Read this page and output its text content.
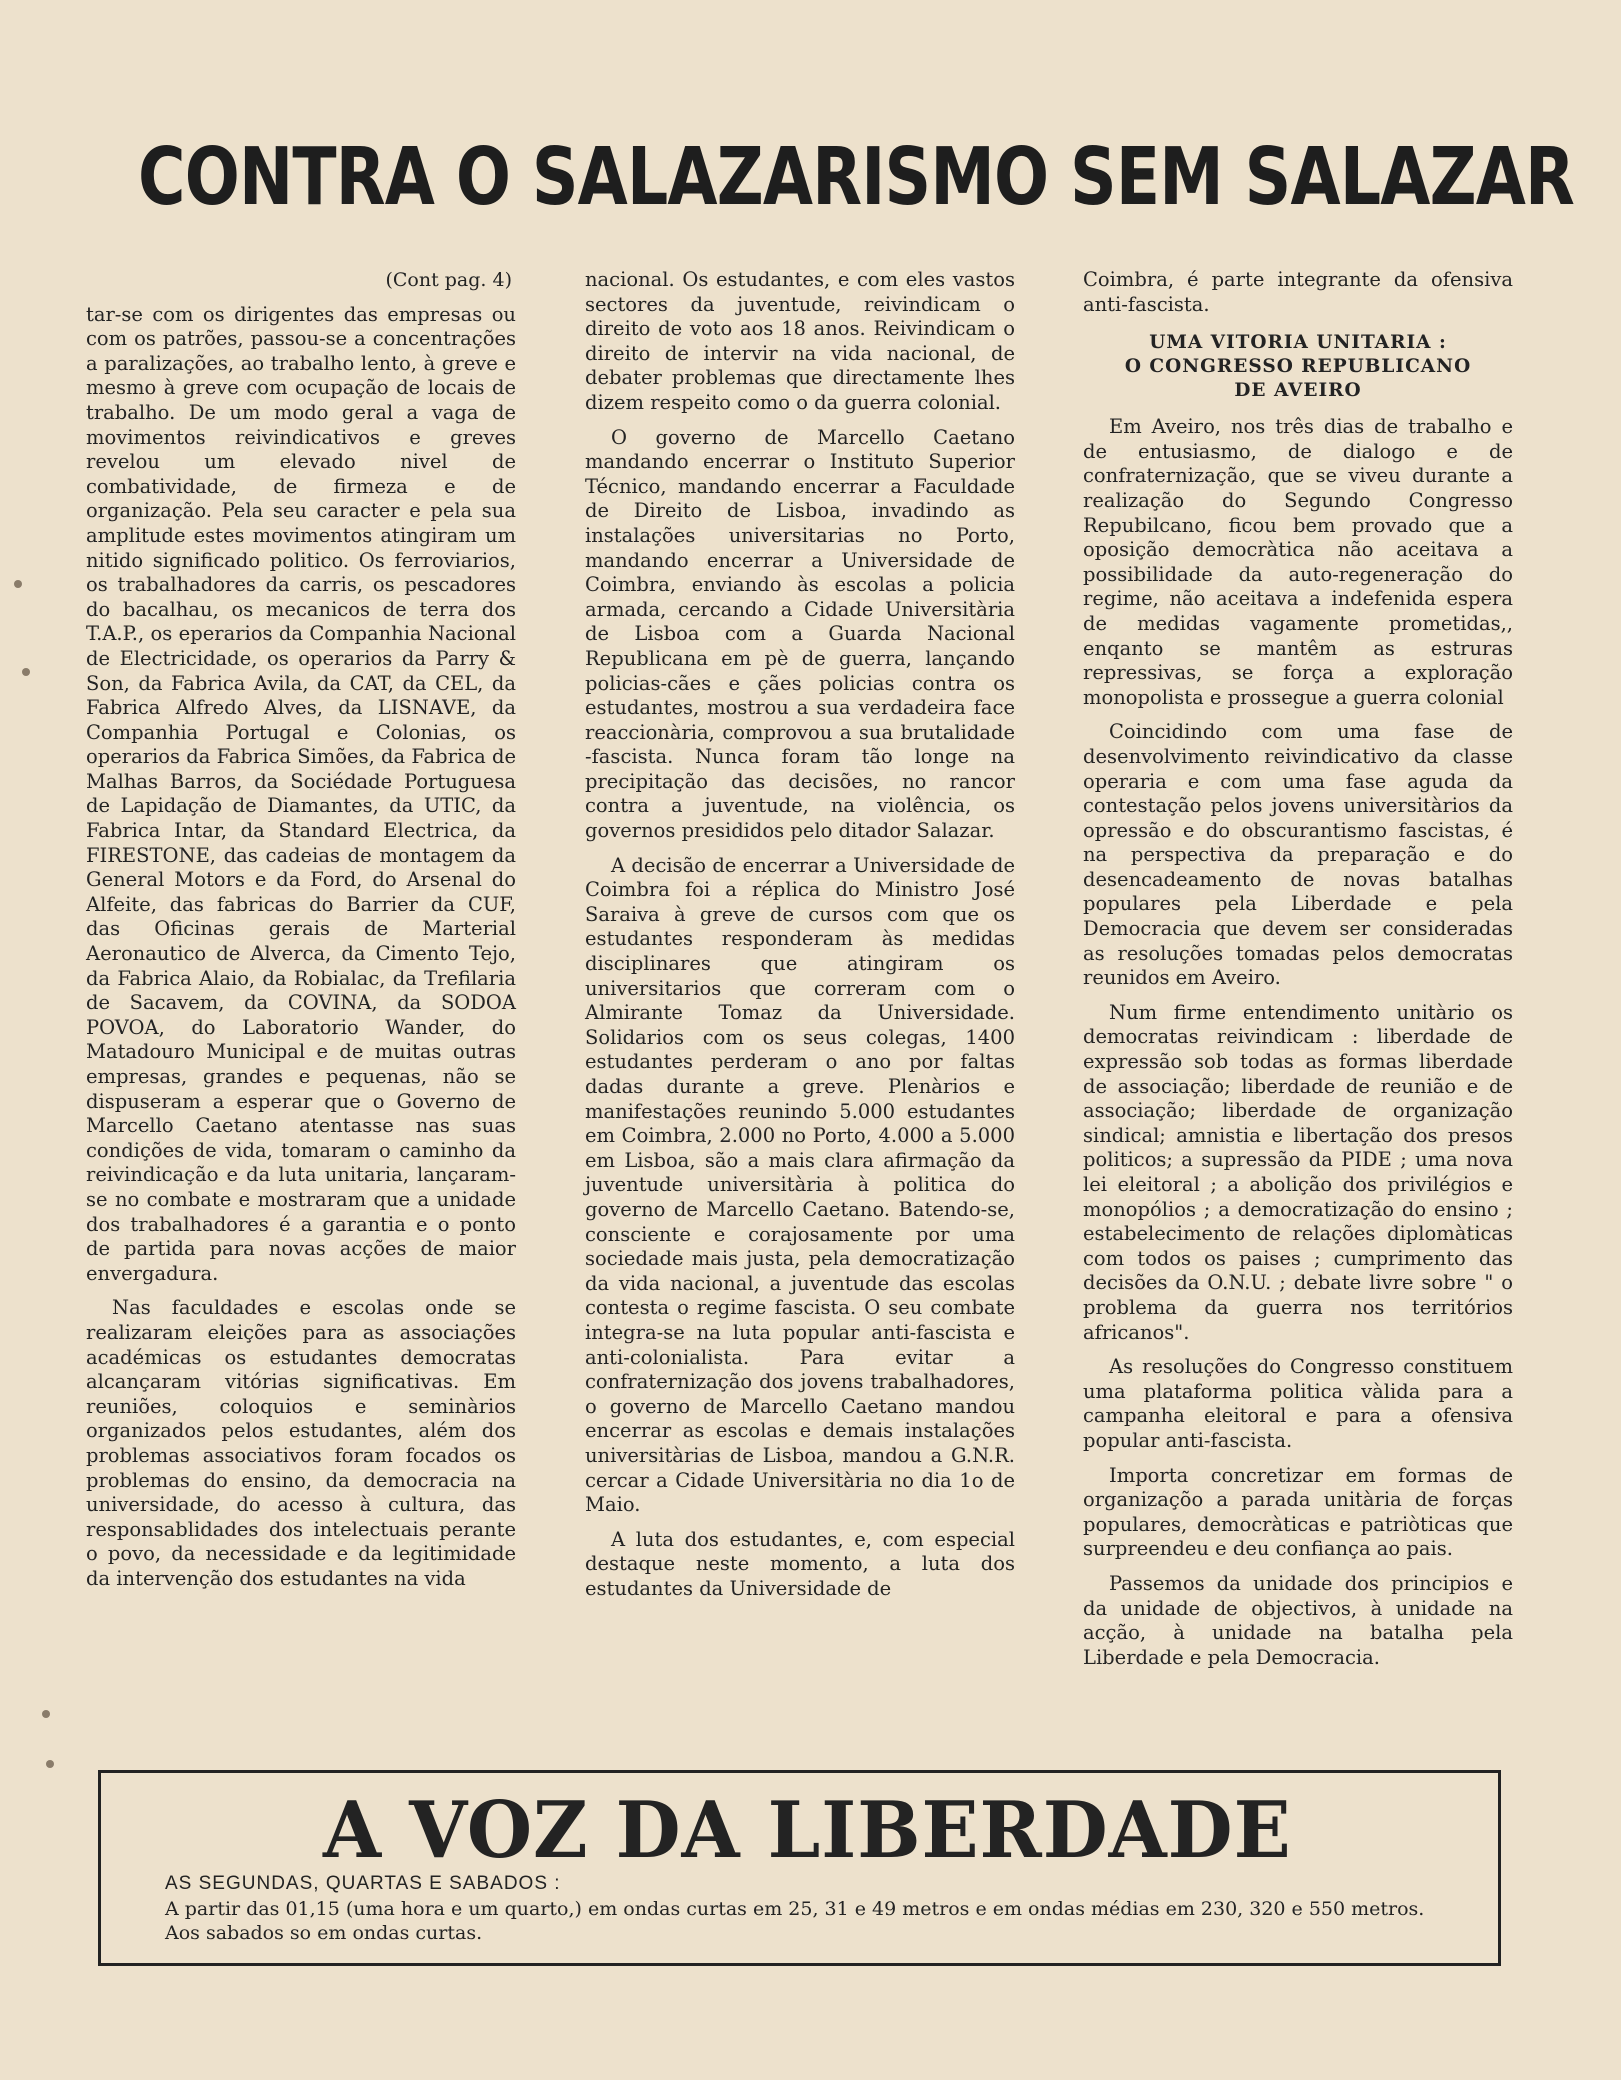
CONTRA O SALAZARISMO SEM SALAZAR
(Cont pag. 4)

tar-se com os dirigentes das empresas ou com os patrões, passou-se a concentrações a paralizações, ao trabalho lento, à greve e mesmo à greve com ocupação de locais de trabalho. De um modo geral a vaga de movimentos reivindicativos e greves revelou um elevado nivel de combatividade, de firmeza e de organização. Pela seu caracter e pela sua amplitude estes movimentos atingiram um nitido significado politico. Os ferroviarios, os trabalhadores da carris, os pescadores do bacalhau, os mecanicos de terra dos T.A.P., os eperarios da Companhia Nacional de Electricidade, os operarios da Parry & Son, da Fabrica Avila, da CAT, da CEL, da Fabrica Alfredo Alves, da LISNAVE, da Companhia Portugal e Colonias, os operarios da Fabrica Simões, da Fabrica de Malhas Barros, da Sociédade Portuguesa de Lapidação de Diamantes, da UTIC, da Fabrica Intar, da Standard Electrica, da FIRESTONE, das cadeias de montagem da General Motors e da Ford, do Arsenal do Alfeite, das fabricas do Barrier da CUF, das Oficinas gerais de Marterial Aeronautico de Alverca, da Cimento Tejo, da Fabrica Alaio, da Robialac, da Trefilaria de Sacavem, da COVINA, da SODOA POVOA, do Laboratorio Wander, do Matadouro Municipal e de muitas outras empresas, grandes e pequenas, não se dispuseram a esperar que o Governo de Marcello Caetano atentasse nas suas condições de vida, tomaram o caminho da reivindicação e da luta unitaria, lançaram-se no combate e mostraram que a unidade dos trabalhadores é a garantia e o ponto de partida para novas acções de maior envergadura.

Nas faculdades e escolas onde se realizaram eleições para as associações académicas os estudantes democratas alcançaram vitórias significativas. Em reuniões, coloquios e seminàrios organizados pelos estudantes, além dos problemas associativos foram focados os problemas do ensino, da democracia na universidade, do acesso à cultura, das responsablidades dos intelectuais perante o povo, da necessidade e da legitimidade da intervenção dos estudantes na vida

nacional. Os estudantes, e com eles vastos sectores da juventude, reivindicam o direito de voto aos 18 anos. Reivindicam o direito de intervir na vida nacional, de debater problemas que directamente lhes dizem respeito como o da guerra colonial.

O governo de Marcello Caetano mandando encerrar o Instituto Superior Técnico, mandando encerrar a Faculdade de Direito de Lisboa, invadindo as instalações universitarias no Porto, mandando encerrar a Universidade de Coimbra, enviando às escolas a policia armada, cercando a Cidade Universitària de Lisboa com a Guarda Nacional Republicana em pè de guerra, lançando policias-cães e çães policias contra os estudantes, mostrou a sua verdadeira face reaccionària, comprovou a sua brutalidade -fascista. Nunca foram tão longe na precipitação das decisões, no rancor contra a juventude, na violência, os governos presididos pelo ditador Salazar.

A decisão de encerrar a Universidade de Coimbra foi a réplica do Ministro José Saraiva à greve de cursos com que os estudantes responderam às medidas disciplinares que atingiram os universitarios que correram com o Almirante Tomaz da Universidade. Solidarios com os seus colegas, 1400 estudantes perderam o ano por faltas dadas durante a greve. Plenàrios e manifestações reunindo 5.000 estudantes em Coimbra, 2.000 no Porto, 4.000 a 5.000 em Lisboa, são a mais clara afirmação da juventude universitària à politica do governo de Marcello Caetano. Batendo-se, consciente e corajosamente por uma sociedade mais justa, pela democratização da vida nacional, a juventude das escolas contesta o regime fascista. O seu combate integra-se na luta popular anti-fascista e anti-colonialista. Para evitar a confraternização dos jovens trabalhadores, o governo de Marcello Caetano mandou encerrar as escolas e demais instalações universitàrias de Lisboa, mandou a G.N.R. cercar a Cidade Universitària no dia 1o de Maio.

A luta dos estudantes, e, com especial destaque neste momento, a luta dos estudantes da Universidade de

Coimbra, é parte integrante da ofensiva anti-fascista.

UMA VITORIA UNITARIA :
O CONGRESSO REPUBLICANO
DE AVEIRO

Em Aveiro, nos três dias de trabalho e de entusiasmo, de dialogo e de confraternização, que se viveu durante a realização do Segundo Congresso Repubilcano, ficou bem provado que a oposição democràtica não aceitava a possibilidade da auto-regeneração do regime, não aceitava a indefenida espera de medidas vagamente prometidas,, enqanto se mantêm as estruras repressivas, se força a exploração monopolista e prossegue a guerra colonial

Coincidindo com uma fase de desenvolvimento reivindicativo da classe operaria e com uma fase aguda da contestação pelos jovens universitàrios da opressão e do obscurantismo fascistas, é na perspectiva da preparação e do desencadeamento de novas batalhas populares pela Liberdade e pela Democracia que devem ser consideradas as resoluções tomadas pelos democratas reunidos em Aveiro.

Num firme entendimento unitàrio os democratas reivindicam : liberdade de expressão sob todas as formas liberdade de associação; liberdade de reunião e de associação; liberdade de organização sindical; amnistia e libertação dos presos politicos; a supressão da PIDE ; uma nova lei eleitoral ; a abolição dos privilégios e monopólios ; a democratização do ensino ; estabelecimento de relações diplomàticas com todos os paises ; cumprimento das decisões da O.N.U. ; debate livre sobre " o problema da guerra nos territórios africanos".

As resoluções do Congresso constituem uma plataforma politica vàlida para a campanha eleitoral e para a ofensiva popular anti-fascista.

Importa concretizar em formas de organizaçõo a parada unitària de forças populares, democràticas e patriòticas que surpreendeu e deu confiança ao pais.

Passemos da unidade dos principios e da unidade de objectivos, à unidade na acção, à unidade na batalha pela Liberdade e pela Democracia.

A VOZ DA LIBERDADE
AS SEGUNDAS, QUARTAS E SABADOS :
A partir das 01,15 (uma hora e um quarto,) em ondas curtas em 25, 31 e 49 metros e em ondas médias em 230, 320 e 550 metros. Aos sabados so em ondas curtas.
